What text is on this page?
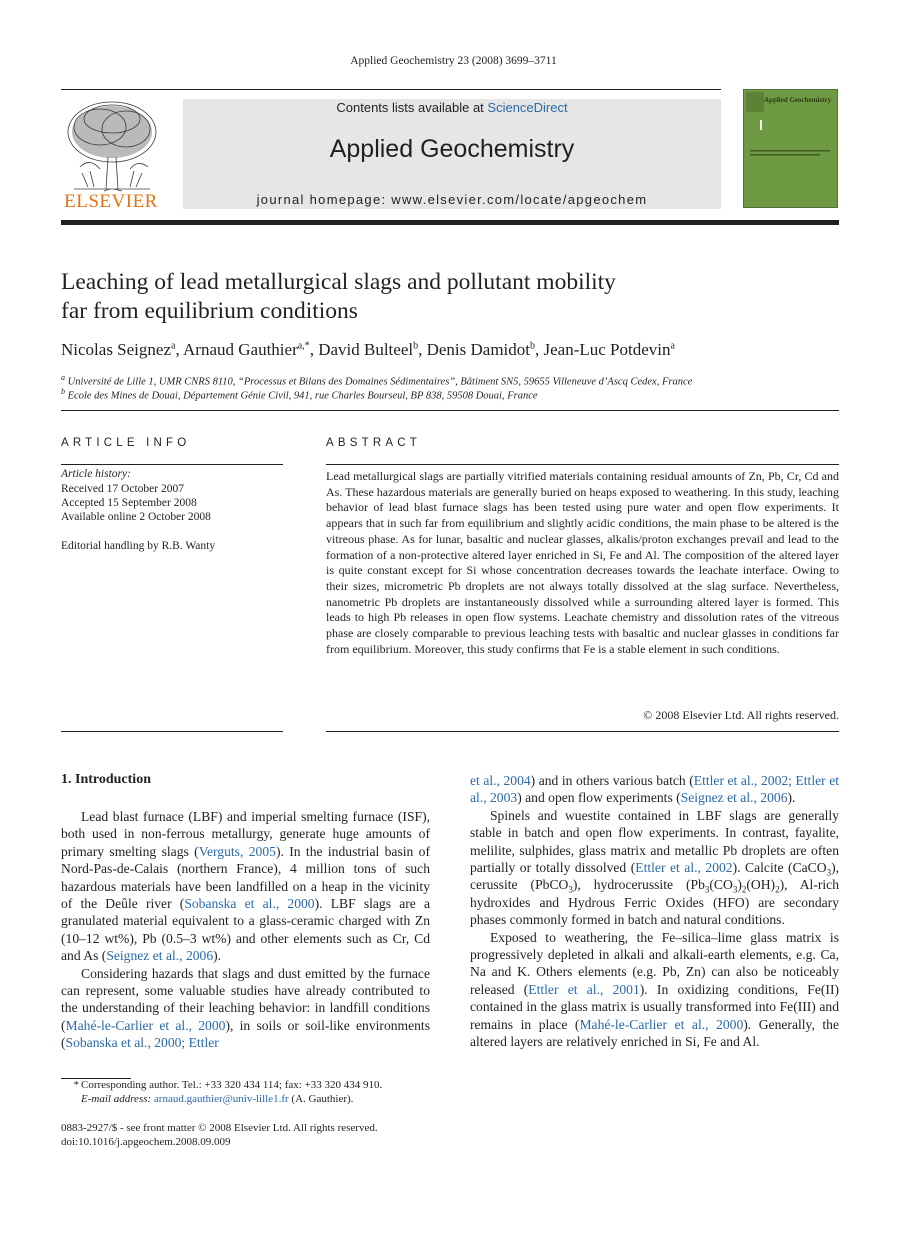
Applied Geochemistry 23 (2008) 3699–3711
ELSEVIER
Contents lists available at ScienceDirect
Applied Geochemistry
journal homepage: www.elsevier.com/locate/apgeochem
Applied Geochemistry
Leaching of lead metallurgical slags and pollutant mobility
far from equilibrium conditions
Nicolas Seignez$^a$, Arnaud Gauthier$^{a,*}$, David Bulteel$^b$, Denis Damidot$^b$, Jean-Luc Potdevin$^a$
$^a$ Université de Lille 1, UMR CNRS 8110, “Processus et Bilans des Domaines Sédimentaires”, Bâtiment SN5, 59655 Villeneuve d’Ascq Cedex, France
$^b$ Ecole des Mines de Douai, Département Génie Civil, 941, rue Charles Bourseul, BP 838, 59508 Douai, France
ARTICLE INFO	ABSTRACT
Article history:
Received 17 October 2007
Accepted 15 September 2008
Available online 2 October 2008
Editorial handling by R.B. Wanty
Lead metallurgical slags are partially vitrified materials containing residual amounts of Zn, Pb, Cr, Cd and As. These hazardous materials are generally buried on heaps exposed to weathering. In this study, leaching behavior of lead blast furnace slags has been tested using pure water and open flow experiments. It appears that in such far from equilibrium and slightly acidic conditions, the main phase to be altered is the vitreous phase. As for lunar, basaltic and nuclear glasses, alkalis/proton exchanges prevail and lead to the formation of a non-protective altered layer enriched in Si, Fe and Al. The composition of the altered layer is quite constant except for Si whose concentration decreases towards the leachate interface. Owing to their sizes, micrometric Pb droplets are not always totally dissolved at the slag surface. Nevertheless, nanometric Pb droplets are instantaneously dissolved while a surrounding altered layer is formed. This leads to high Pb releases in open flow systems. Leachate chemistry and dissolution rates of the vitreous phase are closely comparable to previous leaching tests with basaltic and nuclear glasses in conditions far from equilibrium. Moreover, this study confirms that Fe is a stable element in such conditions.
© 2008 Elsevier Ltd. All rights reserved.
1. Introduction

Lead blast furnace (LBF) and imperial smelting furnace (ISF), both used in non-ferrous metallurgy, generate huge amounts of primary smelting slags (Verguts, 2005). In the industrial basin of Nord-Pas-de-Calais (northern France), 4 million tons of such hazardous materials have been landfilled on a heap in the vicinity of the Deûle river (Sobanska et al., 2000). LBF slags are a granulated material equivalent to a glass-ceramic charged with Zn (10–12 wt%), Pb (0.5–3 wt%) and other elements such as Cr, Cd and As (Seignez et al., 2006).

Considering hazards that slags and dust emitted by the furnace can represent, some valuable studies have already contributed to the understanding of their leaching behavior: in landfill conditions (Mahé-le-Carlier et al., 2000), in soils or soil-like environments (Sobanska et al., 2000; Ettler

et al., 2004) and in others various batch (Ettler et al., 2002; Ettler et al., 2003) and open flow experiments (Seignez et al., 2006).

Spinels and wuestite contained in LBF slags are generally stable in batch and open flow experiments. In contrast, fayalite, melilite, sulphides, glass matrix and metallic Pb droplets are often partially or totally dissolved (Ettler et al., 2002). Calcite (CaCO$_3$), cerussite (PbCO$_3$), hydrocerussite $(Pb_3(CO_3)_2(OH)_2)$, Al-rich hydroxides and Hydrous Ferric Oxides (HFO) are secondary phases commonly formed in batch and natural conditions.

Exposed to weathering, the Fe–silica–lime glass matrix is progressively depleted in alkali and alkali-earth elements, e.g. Ca, Na and K. Others elements (e.g. Pb, Zn) can also be noticeably released (Ettler et al., 2001). In oxidizing conditions, Fe(II) contained in the glass matrix is usually transformed into Fe(III) and remains in place (Mahé-le-Carlier et al., 2000). Generally, the altered layers are relatively enriched in Si, Fe and Al.

* Corresponding author. Tel.: +33 320 434 114; fax: +33 320 434 910.
E-mail address: arnaud.gauthier@univ-lille1.fr (A. Gauthier).
0883-2927/$ - see front matter © 2008 Elsevier Ltd. All rights reserved.
doi:10.1016/j.apgeochem.2008.09.009
